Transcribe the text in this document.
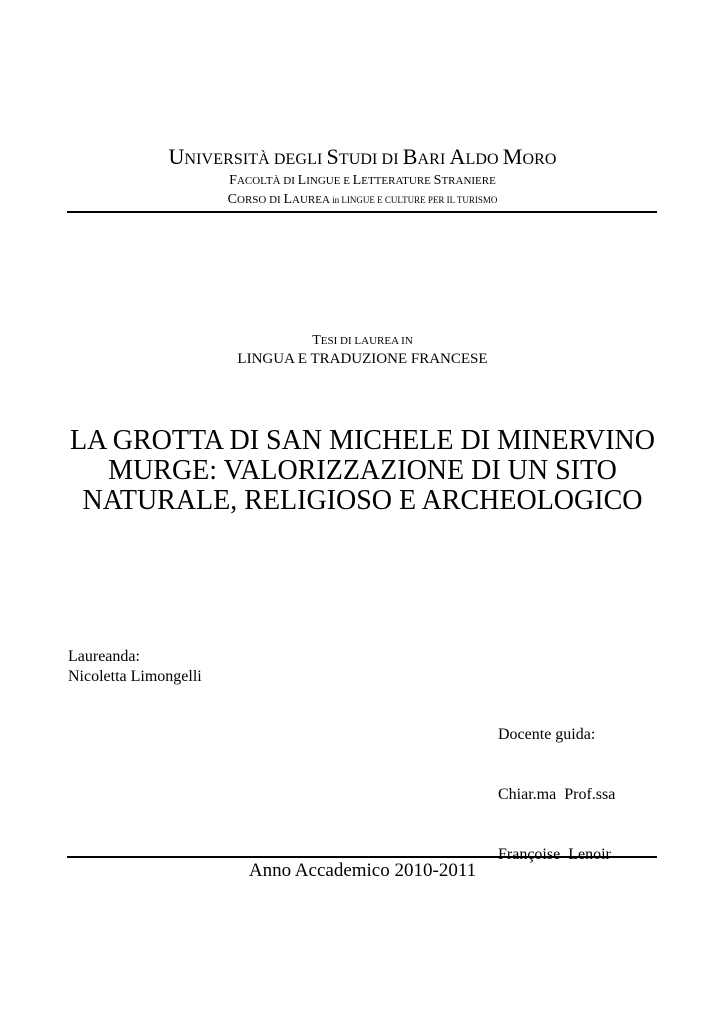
UNIVERSITÀ DEGLI STUDI DI BARI ALDO MORO
FACOLTÀ DI LINGUE E LETTERATURE STRANIERE
CORSO DI LAUREA in LINGUE E CULTURE PER IL TURISMO
TESI DI LAUREA IN
LINGUA E TRADUZIONE FRANCESE
LA GROTTA DI SAN MICHELE DI MINERVINO
MURGE: VALORIZZAZIONE DI UN SITO
NATURALE, RELIGIOSO E ARCHEOLOGICO
Laureanda:
Nicoletta Limongelli

Docente guida:

Chiar.ma  Prof.ssa

Françoise  Lenoir

Anno Accademico 2010-2011
